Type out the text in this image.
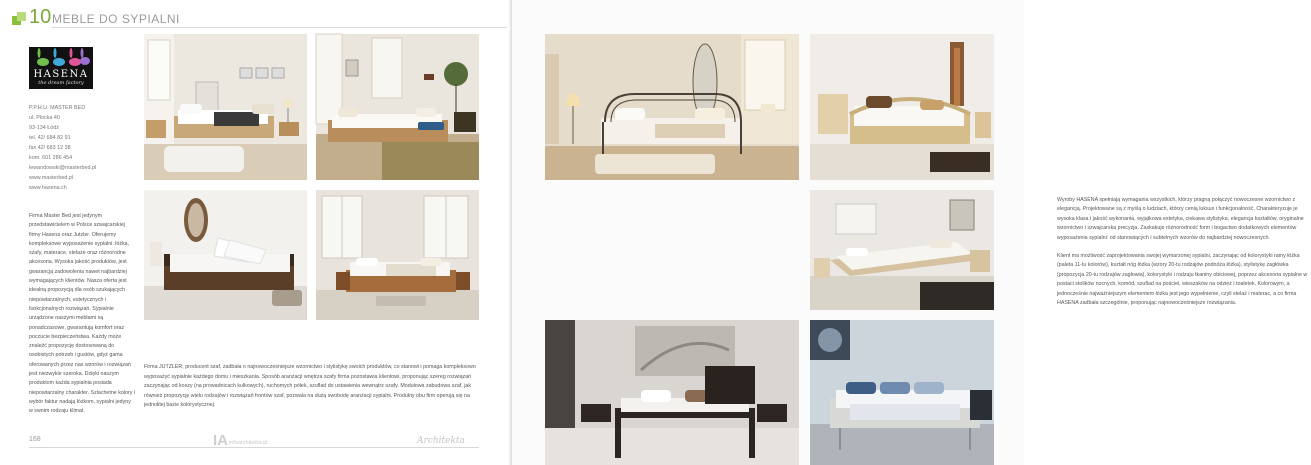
10 MEBLE DO SYPIALNI
HASENA
the dream factory
P.P.H.U. MASTER BED
ul. Plocka 40
93-134 Łódź
tel. 42/ 684 82 91
fax 42/ 683 12 38
kom. 601 286 454
lewandowski@masterbed.pl
www.masterbed.pl
www.hasena.ch

Firma Master Bed jest jedynym przedstawicielem w Polsce szwajcarskiej firmy Hasena oraz Jutzler. Oferujemy kompleksowe wyposażenie sypialni: łóżka, szafy, materace, stelaże oraz różnorodne akcesoria. Wysoka jakość produktów, jest gwarancją zadowolenia nawet najbardziej wymagających klientów. Nasza oferta jest idealną propozycją dla osób szukających niepowtarzalnych, estetycznych i funkcjonalnych rozwiązań. Sypialnie urządzone naszymi meblami są ponadczasowe, gwarantują komfort oraz poczucie bezpieczeństwa. Każdy może znaleźć propozycję dostosowaną do osobistych potrzeb i gustów, gdyż gama oferowanych przez nas wzorów i rozwiązań jest niezwykle szeroka. Dzięki naszym produktom każda sypialnia posiada niepowtarzalny charakter. Szlachetne kolory i wybór faktur nadają łóżkom, sypialni jedyny w swoim rodzaju klimat.

Firma JUTZLER; producent szaf, zadbała o najnowocześniejsze wzornictwo i stylistykę swoich produktów, co stanowi i pomaga kompleksowo wyposażyć sypialnie każdego domu i mieszkania. Sposób aranżacji wnętrza szafy firma pozostawia klientowi, proponując szereg rozwiązań zaczynając od koszy (na prowadnicach kulkowych), ruchomych półek, szuflad do ustawienia wewnątrz szafy. Modułowa zabudowa szaf, jak również propozycję wielu rodzajów i rozwiązań frontów szaf, pozwala na dużą swobodę aranżacji sypialni. Produkty obu firm operują się na jednolitej bazie kolorystycznej.

168	IA infoarchitekta.pl	Architekta

Wyroby HASENA spełniają wymagania wszystkich, którzy pragną połączyć nowoczesne wzornictwo z elegancją. Projektowane są z myślą o ludziach, którzy cenią luksus i funkcjonalność. Charakteryzuje je wysoka klasa i jakość wykonania, wyjątkowa estetyka, ciekawa stylistyka, elegancja kształtów, oryginalne wzornictwo i szwajcarska precyzja. Zaskakuje różnorodność form i bogactwo dodatkowych elementów wyposażenia sypialni: od stanowiących i subtelnych wzorów do najbardziej nowoczesnych.

Klient ma możliwość zaprojektowania swojej wymarzonej sypialni, zaczynając od kolorystyki ramy łóżka (paleta 11-tu kolorów), kształt nóg łóżka (wzory 20-tu rodzajów podnóża łóżka), stylistykę zagłówka (propozycja 20-tu rodzajów zagłowia), kolorystyki i rodzaju tkaniny obiciowej, poprzez akcesoria sypialne w postaci stolików nocnych, komód, szuflad na pościel, wieszaków na odzież i toaletek. Kolorowym, a jednocześnie najważniejszym elementem łóżka jest jego wypełnienie, czyli stelaż i materac, a co firma HASENA zadbała szczególnie, proponując najnowocześniejsze rozwiązania.
